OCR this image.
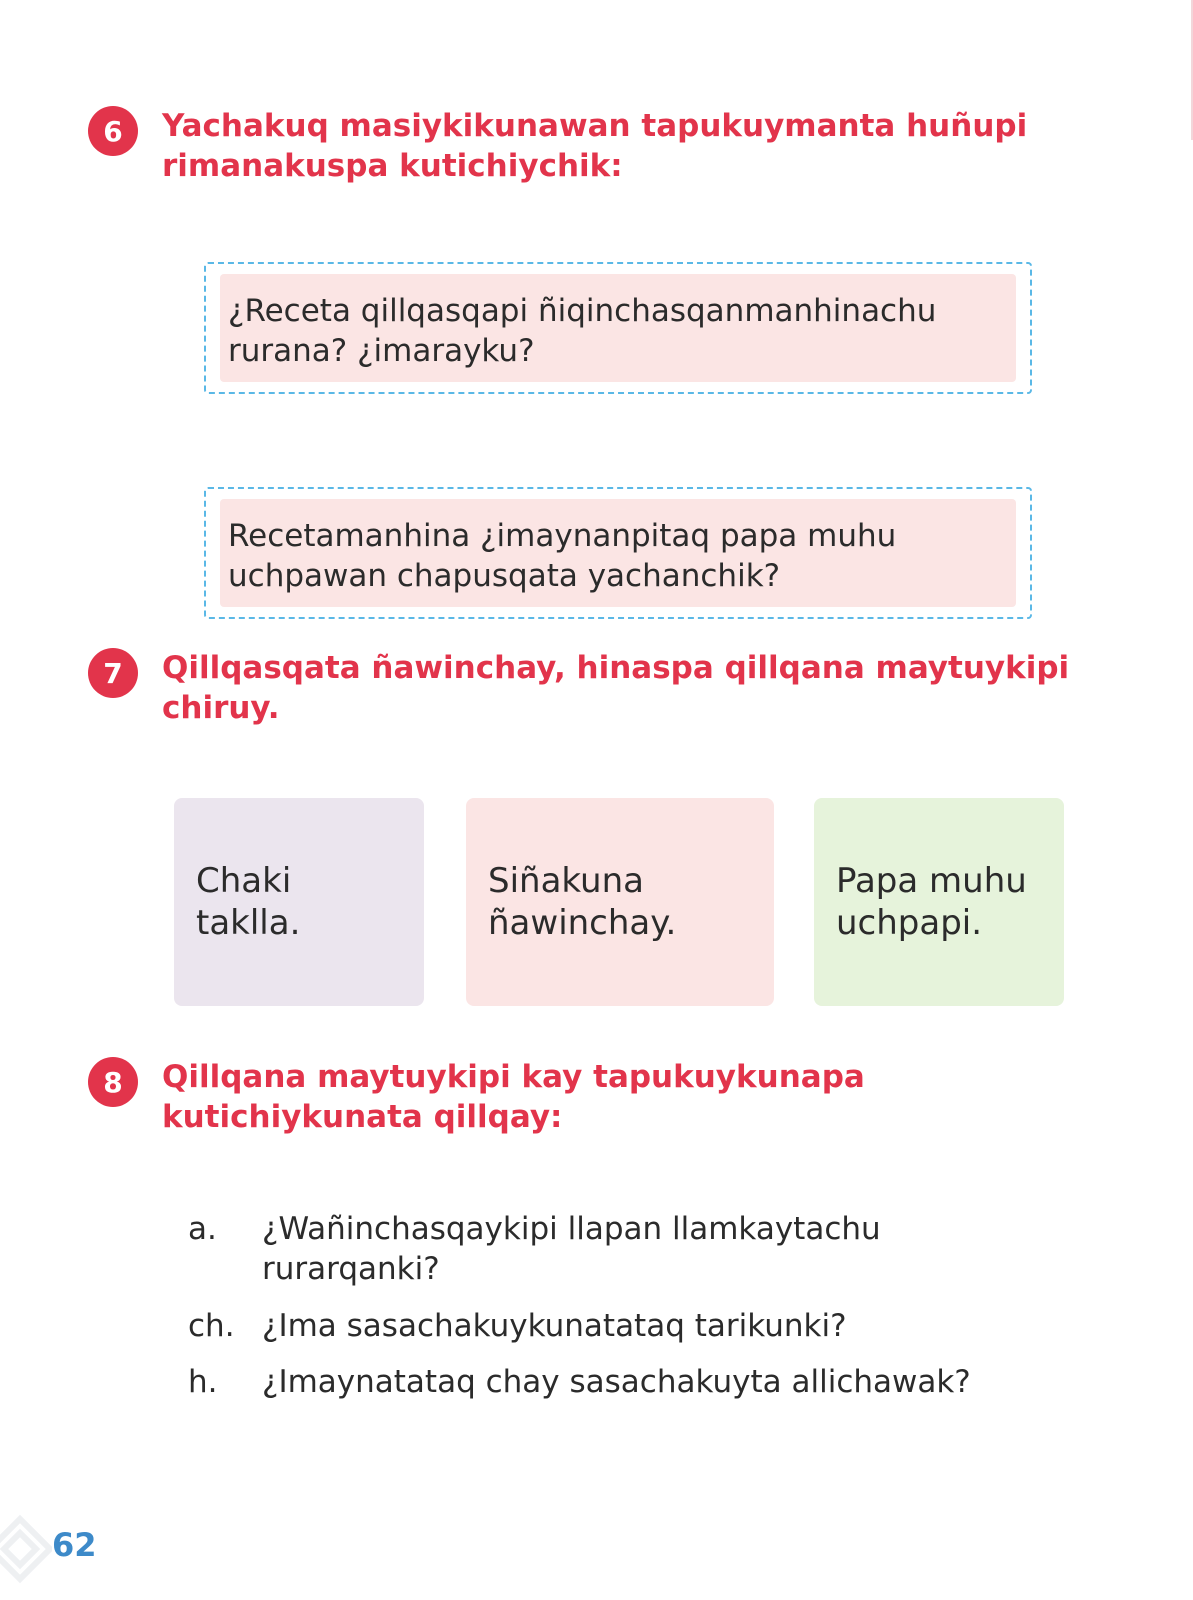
6	Yachakuq masiykikunawan tapukuymanta huñupi rimanakuspa kutichiychik:
¿Receta qillqasqapi ñiqinchasqanmanhinachu rurana? ¿imarayku?
Recetamanhina ¿imaynanpitaq papa muhu uchpawan chapusqata yachanchik?
7	Qillqasqata ñawinchay, hinaspa qillqana maytuykipi chiruy.
Chaki taklla.
Siñakuna ñawinchay.
Papa muhu uchpapi.
8	Qillqana maytuykipi kay tapukuykunapa kutichiykunata qillqay:
a.	¿Wañinchasqaykipi llapan llamkaytachu rurarqanki?
ch. ¿Ima sasachakuykunatataq tarikunki?
h.	¿Imaynatataq chay sasachakuyta allichawak?
62
